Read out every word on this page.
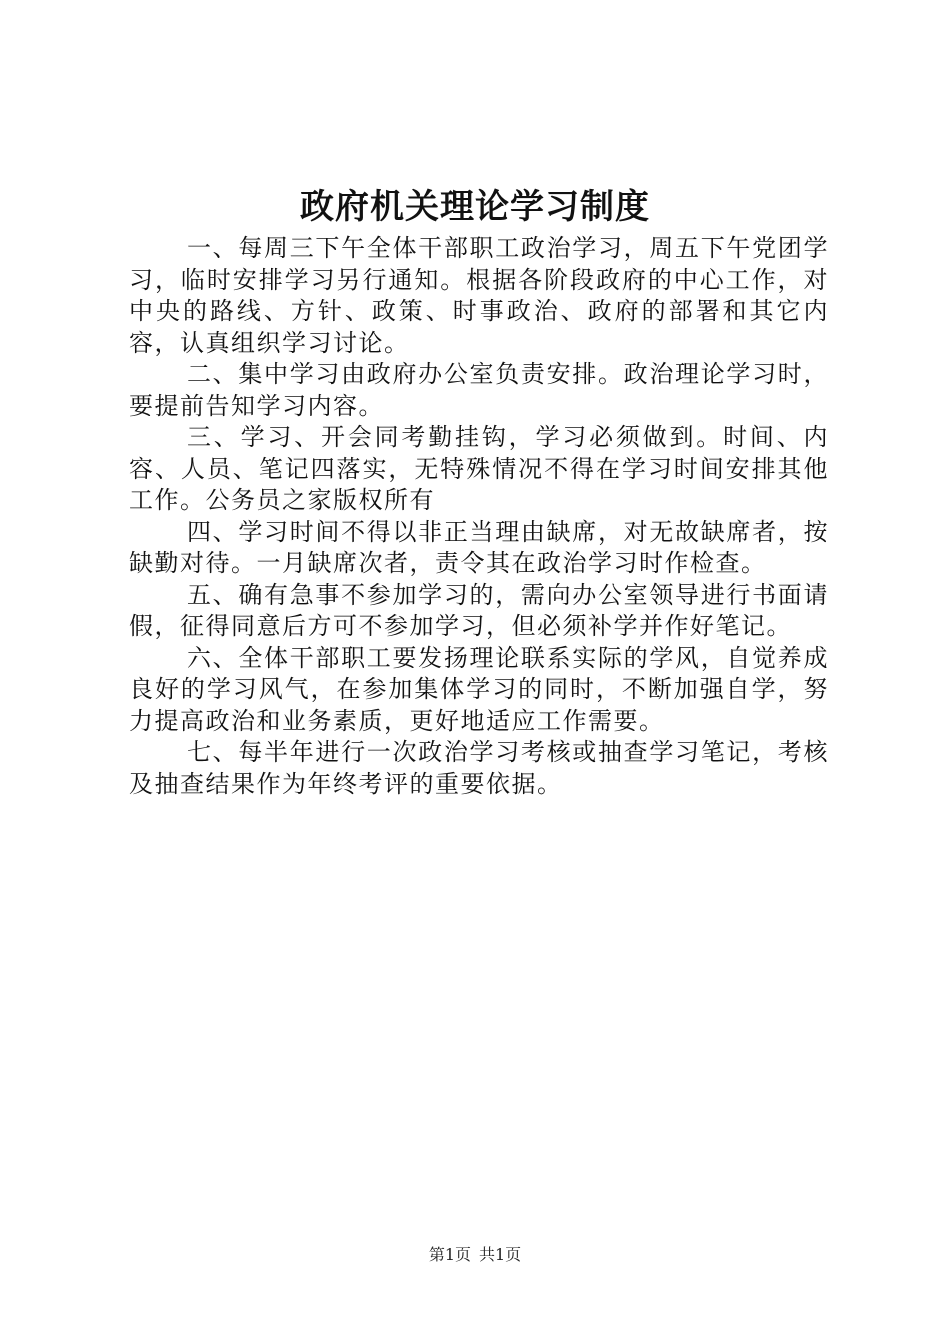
政府机关理论学习制度

一、每周三下午全体干部职工政治学习，周五下午党团学习，临时安排学习另行通知。根据各阶段政府的中心工作，对中央的路线、方针、政策、时事政治、政府的部署和其它内容，认真组织学习讨论。

二、集中学习由政府办公室负责安排。政治理论学习时，要提前告知学习内容。

三、学习、开会同考勤挂钩，学习必须做到。时间、内容、人员、笔记四落实，无特殊情况不得在学习时间安排其他工作。公务员之家版权所有

四、学习时间不得以非正当理由缺席，对无故缺席者，按缺勤对待。一月缺席次者，责令其在政治学习时作检查。

五、确有急事不参加学习的，需向办公室领导进行书面请假，征得同意后方可不参加学习，但必须补学并作好笔记。

六、全体干部职工要发扬理论联系实际的学风，自觉养成良好的学习风气，在参加集体学习的同时，不断加强自学，努力提高政治和业务素质，更好地适应工作需要。

七、每半年进行一次政治学习考核或抽查学习笔记，考核及抽查结果作为年终考评的重要依据。

第1页 共1页
